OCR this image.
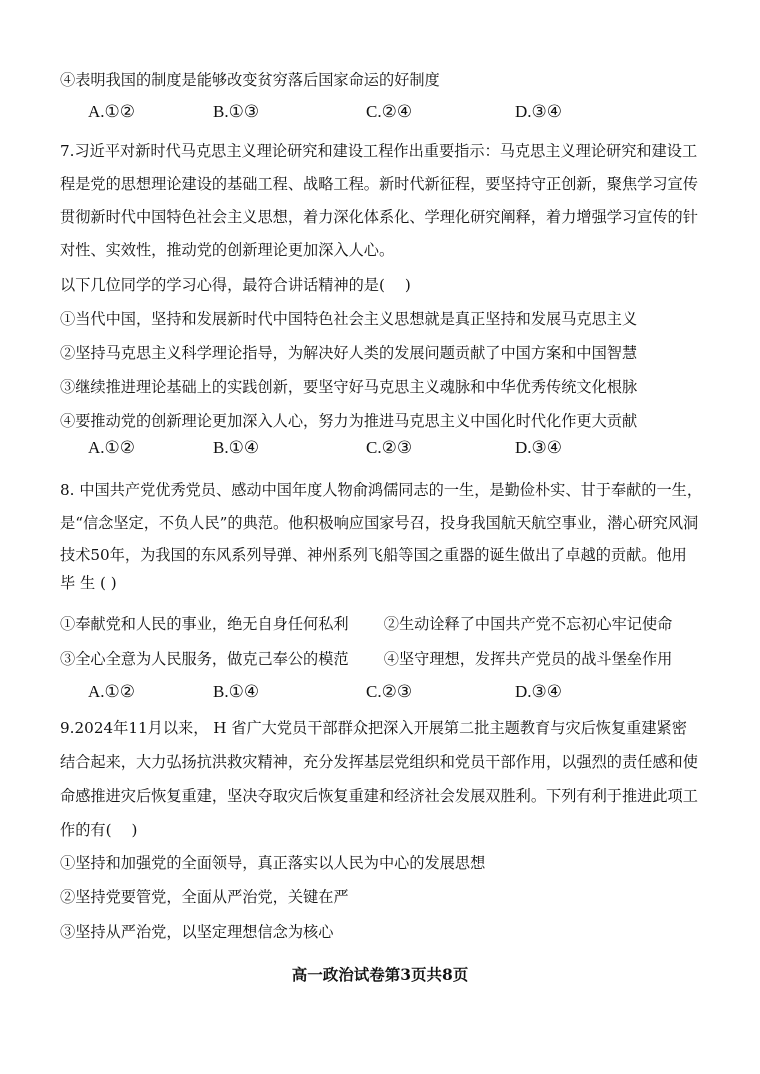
④表明我国的制度是能够改变贫穷落后国家命运的好制度
A.①②	B.①③	C.②④	D.③④
7.习近平对新时代马克思主义理论研究和建设工程作出重要指示：马克思主义理论研究和建设工
程是党的思想理论建设的基础工程、战略工程。新时代新征程，要坚持守正创新，聚焦学习宣传
贯彻新时代中国特色社会主义思想，着力深化体系化、学理化研究阐释，着力增强学习宣传的针
对性、实效性，推动党的创新理论更加深入人心。
以下几位同学的学习心得，最符合讲话精神的是(　 )
①当代中国，坚持和发展新时代中国特色社会主义思想就是真正坚持和发展马克思主义
②坚持马克思主义科学理论指导，为解决好人类的发展问题贡献了中国方案和中国智慧
③继续推进理论基础上的实践创新，要坚守好马克思主义魂脉和中华优秀传统文化根脉
④要推动党的创新理论更加深入人心，努力为推进马克思主义中国化时代化作更大贡献
A.①②	B.①④	C.②③	D.③④
8. 中国共产党优秀党员、感动中国年度人物俞鸿儒同志的一生，是勤俭朴实、甘于奉献的一生，
是“信念坚定，不负人民”的典范。他积极响应国家号召，投身我国航天航空事业，潜心研究风洞
技术50年，为我国的东风系列导弹、神州系列飞船等国之重器的诞生做出了卓越的贡献。他用
毕 生 ( )
①奉献党和人民的事业，绝无自身任何私利　　 ②生动诠释了中国共产党不忘初心牢记使命
③全心全意为人民服务，做克己奉公的模范　　 ④坚守理想，发挥共产党员的战斗堡垒作用
A.①②	B.①④	C.②③	D.③④
9.2024年11月以来， H 省广大党员干部群众把深入开展第二批主题教育与灾后恢复重建紧密
结合起来，大力弘扬抗洪救灾精神，充分发挥基层党组织和党员干部作用，以强烈的责任感和使
命感推进灾后恢复重建，坚决夺取灾后恢复重建和经济社会发展双胜利。下列有利于推进此项工
作的有(　 )
①坚持和加强党的全面领导，真正落实以人民为中心的发展思想
②坚持党要管党，全面从严治党，关键在严
③坚持从严治党，以坚定理想信念为核心
高一政治试卷第3页共8页
